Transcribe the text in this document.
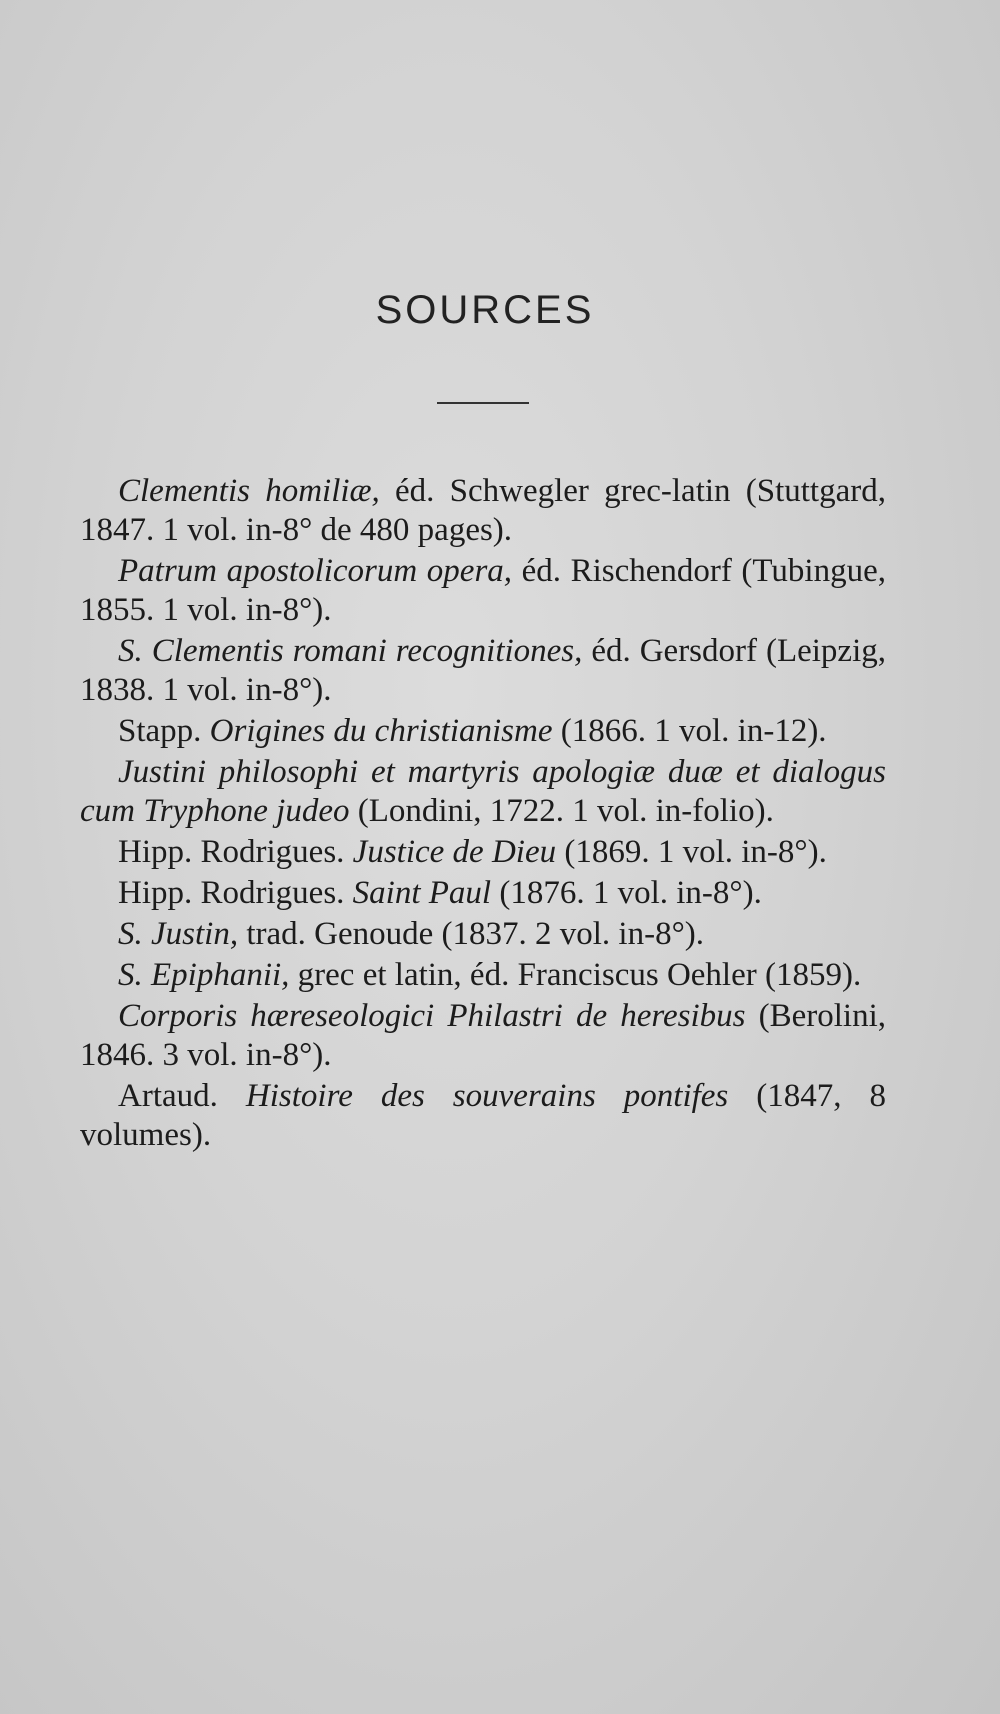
SOURCES

Clementis homiliæ, éd. Schwegler grec-latin (Stuttgard, 1847. 1 vol. in-8° de 480 pages).

Patrum apostolicorum opera, éd. Rischendorf (Tubingue, 1855. 1 vol. in-8°).

S. Clementis romani recognitiones, éd. Gersdorf (Leipzig, 1838. 1 vol. in-8°).

Stapp. Origines du christianisme (1866. 1 vol. in-12).

Justini philosophi et martyris apologiæ duæ et dialogus cum Tryphone judeo (Londini, 1722. 1 vol. in-folio).

Hipp. Rodrigues. Justice de Dieu (1869. 1 vol. in-8°).

Hipp. Rodrigues. Saint Paul (1876. 1 vol. in-8°).

S. Justin, trad. Genoude (1837. 2 vol. in-8°).

S. Epiphanii, grec et latin, éd. Franciscus Oehler (1859).

Corporis hæreseologici Philastri de heresibus (Berolini, 1846. 3 vol. in-8°).

Artaud. Histoire des souverains pontifes (1847, 8 volumes).
